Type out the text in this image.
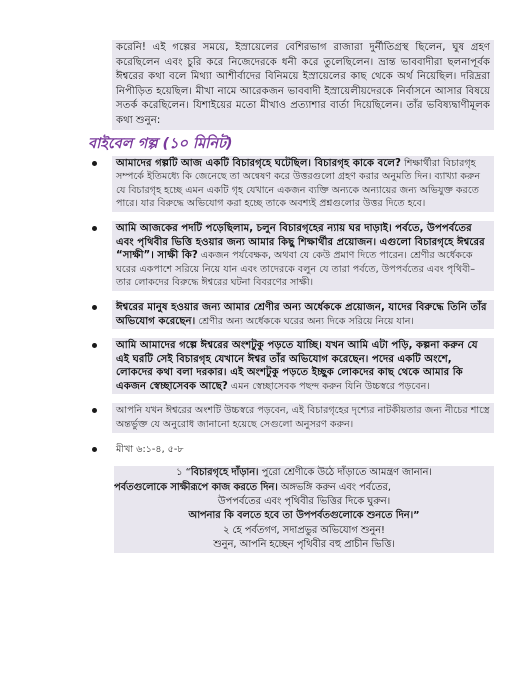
করেনি! এই গল্পের সময়ে, ইস্রায়েলের বেশিরভাগ রাজারা দুর্নীতিগ্রস্থ ছিলেন, ঘুষ গ্রহণ করেছিলেন এবং চুরি করে নিজেদেরকে ধনী করে তুলেছিলেন। ভ্রান্ত ভাববাদীরা ছলনাপূর্বক ঈশ্বরের কথা বলে মিথ্যা আশীর্বাদের বিনিময়ে ইস্রায়েলের কাছ থেকে অর্থ নিয়েছিল। দরিদ্ররা নিপীড়িত হয়েছিল। মীখা নামে আরেকজন ভাববাদী ইস্রায়েলীয়দেরকে নির্বাসনে আসার বিষয়ে সতর্ক করেছিলেন। যিশাইয়ের মতো মীখাও প্রত্যাশার বার্তা দিয়েছিলেন। তাঁর ভবিষ্যদ্বাণীমূলক কথা শুনুন:
বাইবেল গল্প (১০ মিনিট)
আমাদের গল্পটি আজ একটি বিচারগৃহে ঘটেছিল। বিচারগৃহ কাকে বলে? শিক্ষার্থীরা বিচারগৃহ সম্পর্কে ইতিমধ্যে কি জেনেছে তা অন্বেষণ করে উত্তরগুলো গ্রহণ করার অনুমতি দিন। ব্যাখ্যা করুন যে বিচারগৃহ হচ্ছে এমন একটি গৃহ যেখানে একজন ব্যক্তি অন্যকে অন্যায়ের জন্য অভিযুক্ত করতে পারে। যার বিরুদ্ধে অভিযোগ করা হচ্ছে তাকে অবশ্যই প্রশ্নগুলোর উত্তর দিতে হবে।
আমি আজকের পদটি পড়েছিলাম, চলুন বিচারগৃহের ন্যায় ঘর দাড়াই। পর্বতে, উপপর্বতের এবং পৃথিবীর ভিত্তি হওয়ার জন্য আমার কিছু শিক্ষার্থীর প্রয়োজন। এগুলো বিচারগৃহে ঈশ্বরের “সাক্ষী”। সাক্ষী কি? একজন পর্যবেক্ষক, অথবা যে কেউ প্রমাণ দিতে পারেন। শ্রেণীর অর্ধেককে ঘরের একপাশে সরিয়ে নিয়ে যান এবং তাদেরকে বলুন যে তারা পর্বতে, উপপর্বতের এবং পৃথিবী– তার লোকদের বিরুদ্ধে ঈশ্বরের ঘটনা বিবরণের সাক্ষী।
ঈশ্বরের মানুষ হওয়ার জন্য আমার শ্রেণীর অন্য অর্ধেককে প্রয়োজন, যাদের বিরুদ্ধে তিনি তাঁর অভিযোগ করেছেন। শ্রেণীর অন্য অর্ধেককে ঘরের অন্য দিকে সরিয়ে নিয়ে যান।
আমি আমাদের গল্পে ঈশ্বরের অংশটুকু পড়তে যাচ্ছি। যখন আমি এটা পড়ি, কল্পনা করুন যে এই ঘরটি সেই বিচারগৃহ যেখানে ঈশ্বর তাঁর অভিযোগ করেছেন। পদের একটি অংশে, লোকদের কথা বলা দরকার। এই অংশটুকু পড়তে ইচ্ছুক লোকদের কাছ থেকে আমার কি একজন স্বেচ্ছাসেবক আছে? এমন স্বেচ্ছাসেবক পছন্দ করুন যিনি উচ্চস্বরে পড়বেন।
আপনি যখন ঈশ্বরের অংশটি উচ্চস্বরে পড়বেন, এই বিচারগৃহের দৃশ্যের নাটকীয়তার জন্য নীচের শাস্ত্রে অন্তর্ভুক্ত যে অনুরোধ জানানো হয়েছে সেগুলো অনুসরণ করুন।
মীখা ৬:১-৪, ৫-৮
১ “বিচারগৃহে দাঁড়ান। পুরো শ্রেণীকে উঠে দাঁড়াতে আমন্ত্রণ জানান।
পর্বতগুলোকে সাক্ষীরূপে কাজ করতে দিন। অঙ্গভঙ্গি করুন এবং পর্বতের,
উপপর্বতের এবং পৃথিবীর ভিত্তির দিকে ঘুরুন।
আপনার কি বলতে হবে তা উপপর্বতগুলোকে শুনতে দিন।”
২ হে পর্বতগণ, সদাপ্রভুর অভিযোগ শুনুন!
শুনুন, আপনি হচ্ছেন পৃথিবীর বহু প্রাচীন ভিত্তি।
